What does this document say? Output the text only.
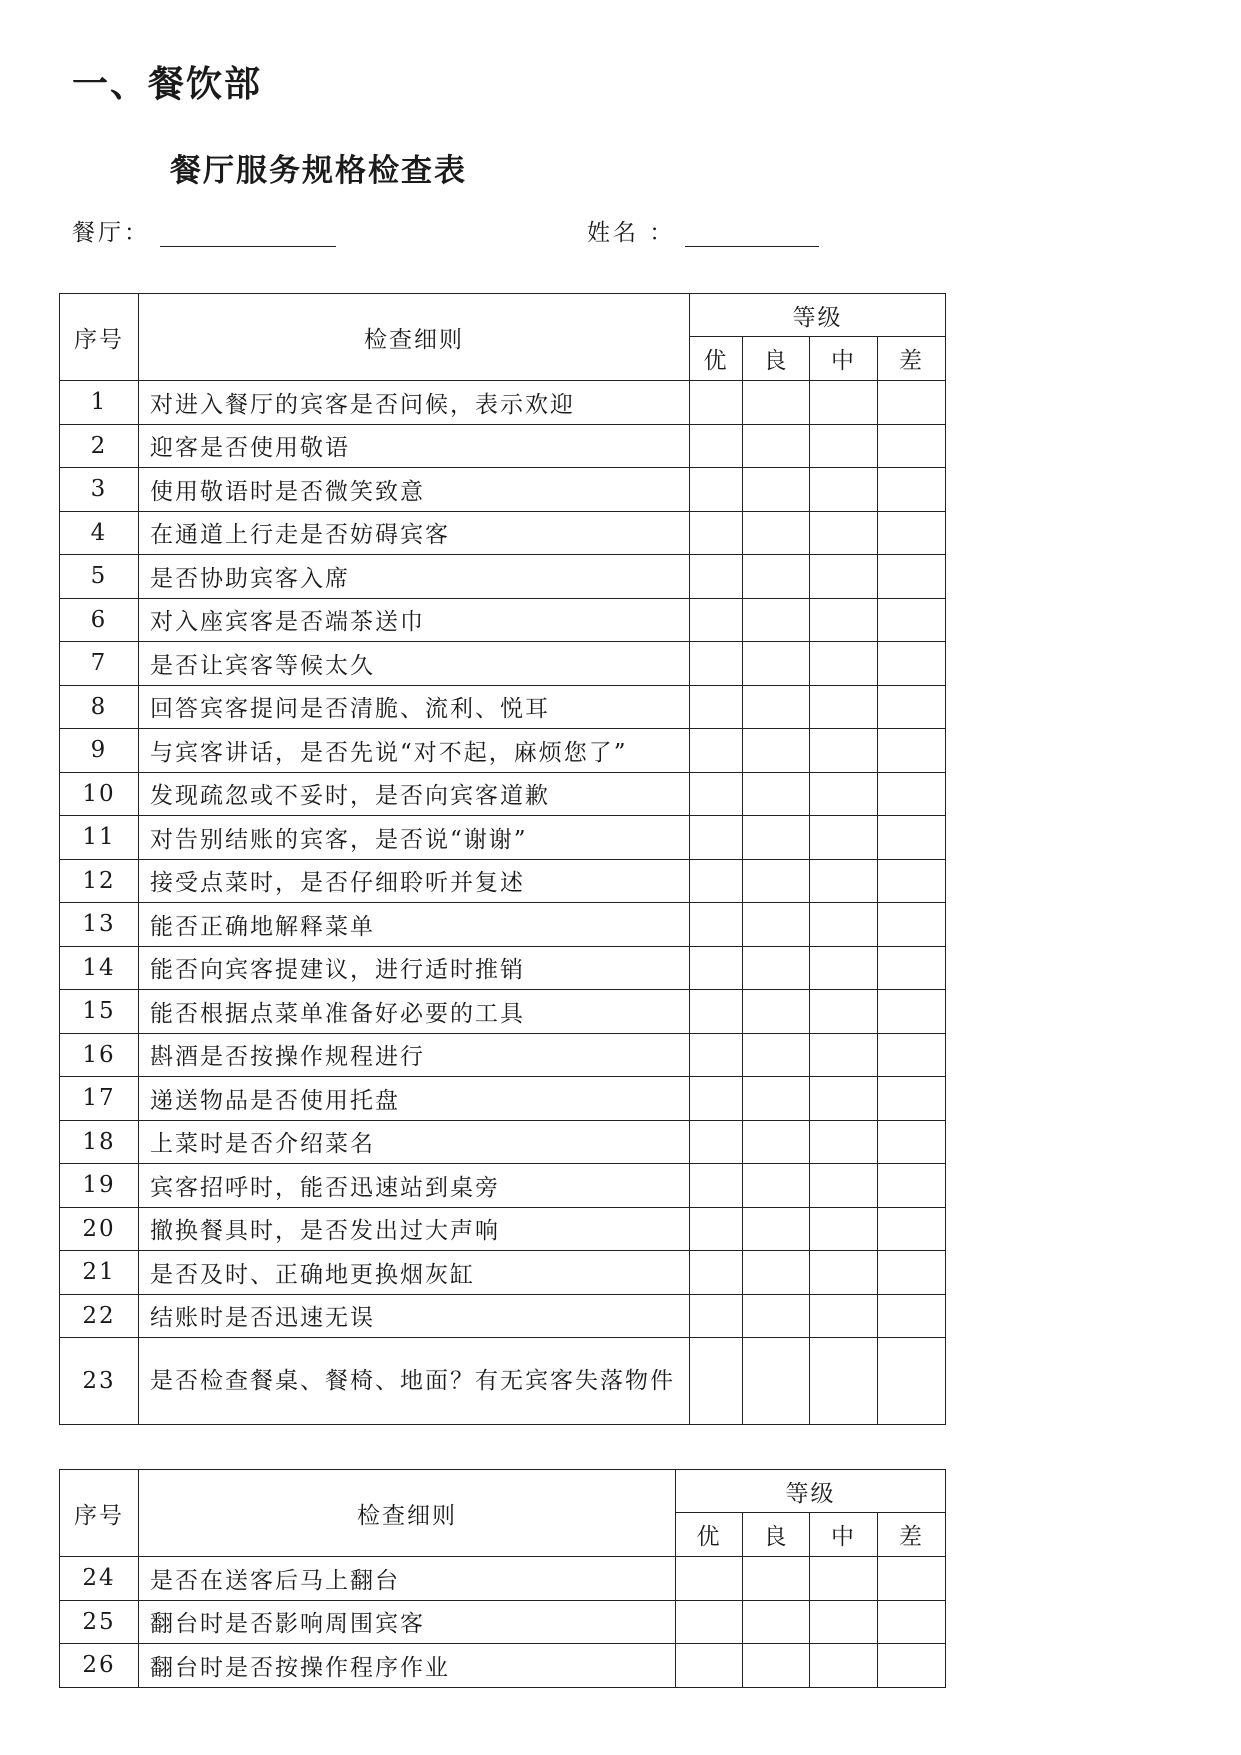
一、餐饮部
餐厅服务规格检查表
餐厅：	姓名 ：
序号	检查细则	等级			
		优	良	中	差
1	对进入餐厅的宾客是否问候，表示欢迎				
2	迎客是否使用敬语				
3	使用敬语时是否微笑致意				
4	在通道上行走是否妨碍宾客				
5	是否协助宾客入席				
6	对入座宾客是否端茶送巾				
7	是否让宾客等候太久				
8	回答宾客提问是否清脆、流利、悦耳				
9	与宾客讲话，是否先说“对不起，麻烦您了”				
10	发现疏忽或不妥时，是否向宾客道歉				
11	对告别结账的宾客，是否说“谢谢”				
12	接受点菜时，是否仔细聆听并复述				
13	能否正确地解释菜单				
14	能否向宾客提建议，进行适时推销				
15	能否根据点菜单准备好必要的工具				
16	斟酒是否按操作规程进行				
17	递送物品是否使用托盘				
18	上菜时是否介绍菜名				
19	宾客招呼时，能否迅速站到桌旁				
20	撤换餐具时，是否发出过大声响				
21	是否及时、正确地更换烟灰缸				
22	结账时是否迅速无误				
23	是否检查餐桌、餐椅、地面？有无宾客失落物件				
序号	检查细则	等级			
		优	良	中	差
24	是否在送客后马上翻台				
25	翻台时是否影响周围宾客				
26	翻台时是否按操作程序作业				
